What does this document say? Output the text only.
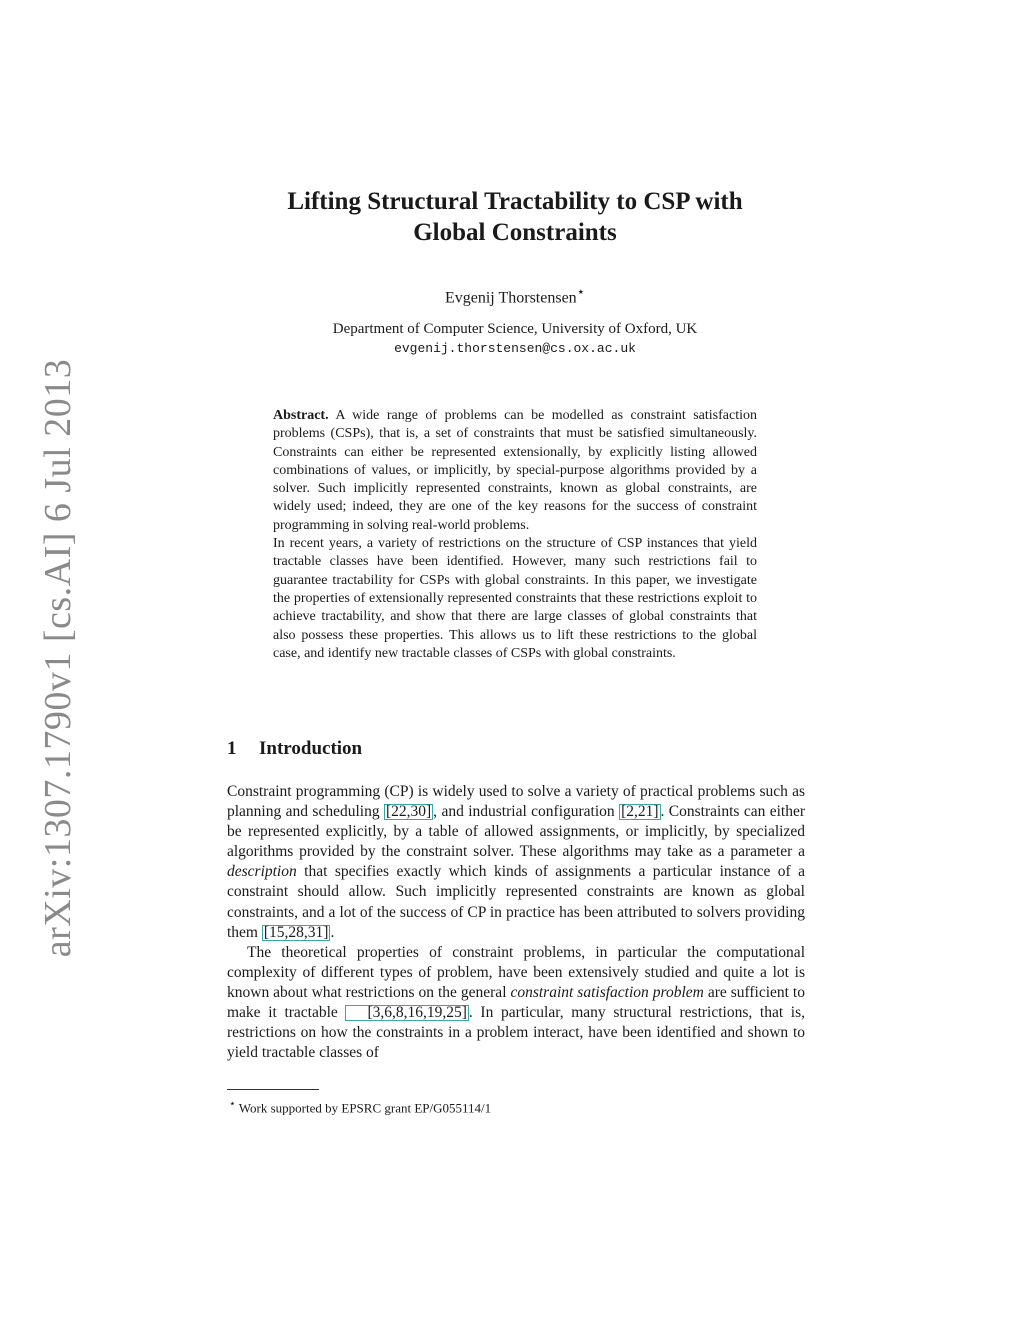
arXiv:1307.1790v1 [cs.AI] 6 Jul 2013
Lifting Structural Tractability to CSP with
Global Constraints
Evgenij Thorstensen⋆
Department of Computer Science, University of Oxford, UK
evgenij.thorstensen@cs.ox.ac.uk

Abstract. A wide range of problems can be modelled as constraint satisfaction problems (CSPs), that is, a set of constraints that must be satisfied simultaneously. Constraints can either be represented extensionally, by explicitly listing allowed combinations of values, or implicitly, by special-purpose algorithms provided by a solver. Such implicitly represented constraints, known as global constraints, are widely used; indeed, they are one of the key reasons for the success of constraint programming in solving real-world problems.

In recent years, a variety of restrictions on the structure of CSP instances that yield tractable classes have been identified. However, many such restrictions fail to guarantee tractability for CSPs with global constraints. In this paper, we investigate the properties of extensionally represented constraints that these restrictions exploit to achieve tractability, and show that there are large classes of global constraints that also possess these properties. This allows us to lift these restrictions to the global case, and identify new tractable classes of CSPs with global constraints.

1 Introduction

Constraint programming (CP) is widely used to solve a variety of practical problems such as planning and scheduling [22,30] , and industrial configuration [2,21] . Constraints can either be represented explicitly, by a table of allowed assignments, or implicitly, by specialized algorithms provided by the constraint solver. These algorithms may take as a parameter a description that specifies exactly which kinds of assignments a particular instance of a constraint should allow. Such implicitly represented constraints are known as global constraints, and a lot of the success of CP in practice has been attributed to solvers providing them [15,28,31] .

The theoretical properties of constraint problems, in particular the computational complexity of different types of problem, have been extensively studied and quite a lot is known about what restrictions on the general constraint satisfaction problem are sufficient to make it tractable [3,6,8,16,19,25] . In particular, many structural restrictions, that is, restrictions on how the constraints in a problem interact, have been identified and shown to yield tractable classes of

⋆ Work supported by EPSRC grant EP/G055114/1
